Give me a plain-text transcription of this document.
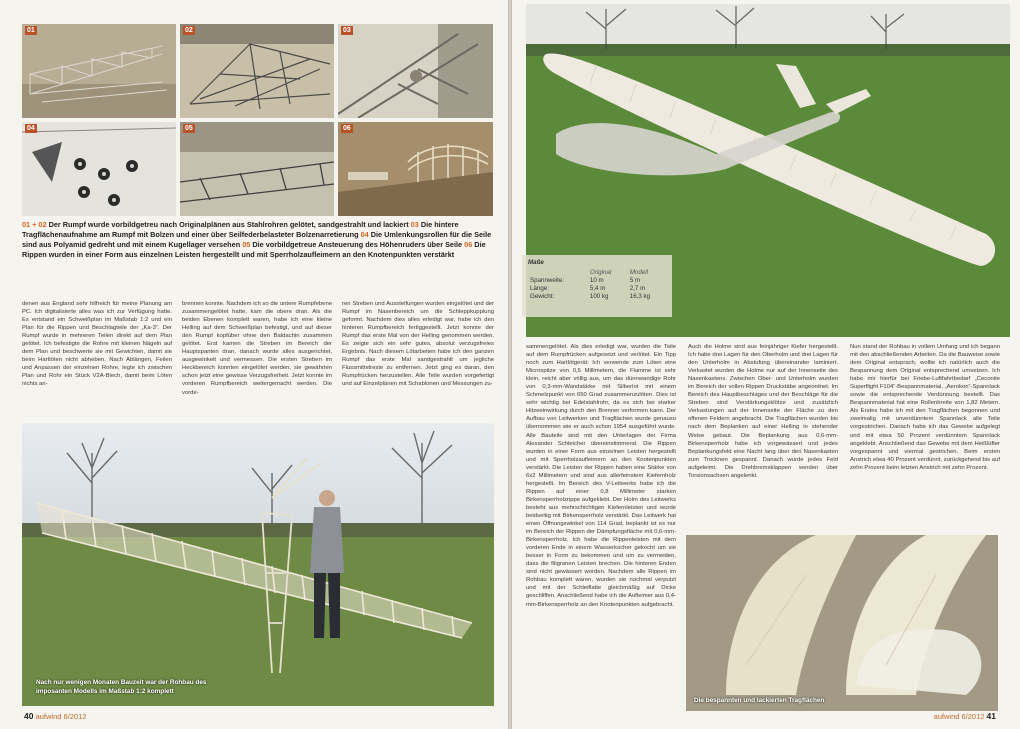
01	02	03
04	05	06
01 + 02 Der Rumpf wurde vorbildgetreu nach Originalplänen aus Stahlrohren gelötet, sandgestrahlt und lackiert 03 Die hintere Tragflächenaufnahme am Rumpf mit Bolzen und einer über Seilfederbelasteter Bolzenarretierung 04 Die Umlenkungsrollen für die Seile sind aus Polyamid gedreht und mit einem Kugellager versehen 05 Die vorbildgetreue Ansteuerung des Höhenruders über Seile 06 Die Rippen wurden in einer Form aus einzelnen Leisten hergestellt und mit Sperrholzaufleimern an den Knotenpunkten verstärkt

denen aus England sehr hilfreich für meine Planung am PC. Ich digitalisierte alles was ich zur Verfügung hatte. Es entstand ein Schweißplan im Maßstab 1:2 und ein Plan für die Rippen und Beschlagteile der „Ka-3“. Der Rumpf wurde in mehreren Teilen direkt auf dem Plan gelötet. Ich befestigte die Rohre mit kleinen Nägeln auf dem Plan und beschwerte sie mit Gewichten, damit sie beim Hartlöten nicht abheben. Nach Ablängen, Feilen und Anpassen der einzelnen Rohre, legte ich zwischen Plan und Rohr ein Stück V2A-Blech, damit beim Löten nichts an-

brennen konnte. Nachdem ich so die untere Rumpfebene zusammengelötet hatte, kam die obere dran. Als die beiden Ebenen komplett waren, habe ich eine kleine Helling auf dem Schweißplan befestigt, und auf dieser den Rumpf kopfüber ohne den Baldachin zusammen gelötet. Erst kamen die Streben im Bereich der Hauptspanten dran, danach wurde alles ausgerichtet, ausgewinkelt und vermessen. Die ersten Streben im Heckbereich konnten eingelötet werden, sie gewährten schon jetzt eine gewisse Verzugsfreiheit. Jetzt konnte im vorderen Rumpfbereich weitergemacht werden. Die vorde-

ren Streben und Aussteifungen wurden eingelötet und der Rumpf im Nasenbereich um die Schleppkupplung geformt. Nachdem dies alles erledigt war, habe ich den hinteren Rumpfbereich fertiggestellt. Jetzt konnte der Rumpf das erste Mal von der Helling genommen werden. Es zeigte sich ein sehr gutes, absolut verzugsfreies Ergebnis. Nach diesem Lötarbeiten habe ich den ganzen Rumpf das erste Mal sandgestrahlt um jegliche Flussmittelreste zu entfernen. Jetzt ging es daran, den Rumpfrücken herzustellen. Alle Teile wurden vorgefertigt und auf Einzelplänen mit Schablonen und Messungen zu-

Nach nur wenigen Monaten Bauzeit war der Rohbau des imposanten Modells im Maßstab 1:2 komplett
40 aufwind 6/2012
Maße
	Original	Modell
Spannweite:	10 m	5 m
Länge:	5,4 m	2,7 m
Gewicht:	100 kg	16,3 kg

sammengelötet. Als dies erledigt war, wurden die Teile auf dem Rumpfrücken aufgesetzt und verlötet. Ein Tipp noch zum Hartlötgerät: Ich verwende zum Löten eine Microspitze von 0,5 Millimetern, die Flamme ist sehr klein, reicht aber völlig aus, um das dünnwandige Rohr von 0,3-mm-Wandstärke mit Silberlot mit einem Schmelzpunkt von 650 Grad zusammenzulöten. Dies ist sehr wichtig bei Edelstahlrohr, da es sich bei starker Hitzeeinwirkung durch den Brenner verformen kann. Der Aufbau von Leitwerken und Tragflächen wurde genauso übernommen wie er auch schon 1954 ausgeführt wurde. Alle Bauteile sind mit den Unterlagen der Firma Alexander Schleicher übereinstimmend. Die Rippen wurden in einer Form aus einzelnen Leisten hergestellt und mit Sperrholzaufleimern an den Knotenpunkten verstärkt. Die Leisten der Rippen haben eine Stärke von 6x2 Millimetern und sind aus allerfeinstem Kiefernholz hergestellt. Im Bereich des V-Leitwerks habe ich die Rippen auf einer 0,8 Millimeter starken Birkensperrholzrippe aufgeklebt. Der Holm des Leitwerks besteht aus mehrschichtigen Kiefernleisten und wurde beidseitig mit Birkensperrholz verstärkt. Das Leitwerk hat einen Öffnungswinkel von 114 Grad, beplankt ist es nur im Bereich der Rippen der Dämpfungsfläche mit 0,6-mm-Birkensperrholz. Ich habe die Rippenleisten mit dem vorderen Ende in einem Wasserkocher gekocht um sie besser in Form zu bekommen und um zu vermeiden, dass die filigranen Leisten brechen. Die hinteren Enden sind nicht gewässert worden. Nachdem alle Rippen im Rohbau komplett waren, wurden sie nochmal verputzt und mit der Schleiflatte gleichmäßig auf Dicke geschliffen. Anschließend habe ich die Aufleimer aus 0,4-mm-Birkensperrholz an den Knotenpunkten aufgebracht.

Auch die Holme sind aus feinjähriger Kiefer hergestellt. Ich habe drei Lagen für den Oberholm und drei Lagen für den Unterholm in Abstufung übereinander laminiert. Verkastet wurden die Holme nur auf der Innenseite des Nasenkastens. Zwischen Ober- und Unterholm wurden im Bereich der vollen Rippen Druckstäbe angeordnet. Im Bereich des Hauptbeschlages und der Beschläge für die Streben sind Verstärkungsklötze und zusätzlich Verkastungen auf der Innenseite der Fläche zu den offenen Feldern angebracht. Die Tragflächen wurden bis nach dem Beplanken auf einer Helling in stehender Weise gebaut. Die Beplankung aus 0,6-mm-Birkensperrholz habe ich vorgewässert und jedes Beplankungsfeld eine Nacht lang über den Nasenkasten zum Trocknen gespannt. Danach wurde jedes Feld aufgeleimt. Die Drehbremsklappen werden über Torsionsachsen angelenkt.

Nun stand der Rohbau in vollem Umfang und ich begann mit den abschließenden Arbeiten. Da die Bauweise sowie dem Original entsprach, wollte ich natürlich auch die Bespannung dem Original entsprechend umsetzen. Ich habe mir hierfür bei Friebe-Luftfahrtbedarf „Ceconite Superflight F104“-Bespannmaterial, „Aerokon“-Spannlack sowie die entsprechende Verdünnung bestellt. Das Bespannmaterial hat eine Rollenbreite von 1,82 Metern. Als Erstes habe ich mit den Tragflächen begonnen und zweimalig mit unverdünntem Spannlack alle Teile vorgestrichen. Danach habe ich das Gewebe aufgelegt und mit etwa 50 Prozent verdünntem Spannlack angeklebt. Anschließend das Gewebe mit dem Heißlüfter vorgespannt und viermal gestrichen. Beim ersten Anstrich etwa 40 Prozent verdünnt, zurückgehend bis auf zehn Prozent beim letzten Anstrich mit zehn Prozent.

Die bespannten und lackierten Tragflächen
aufwind 6/2012 41
